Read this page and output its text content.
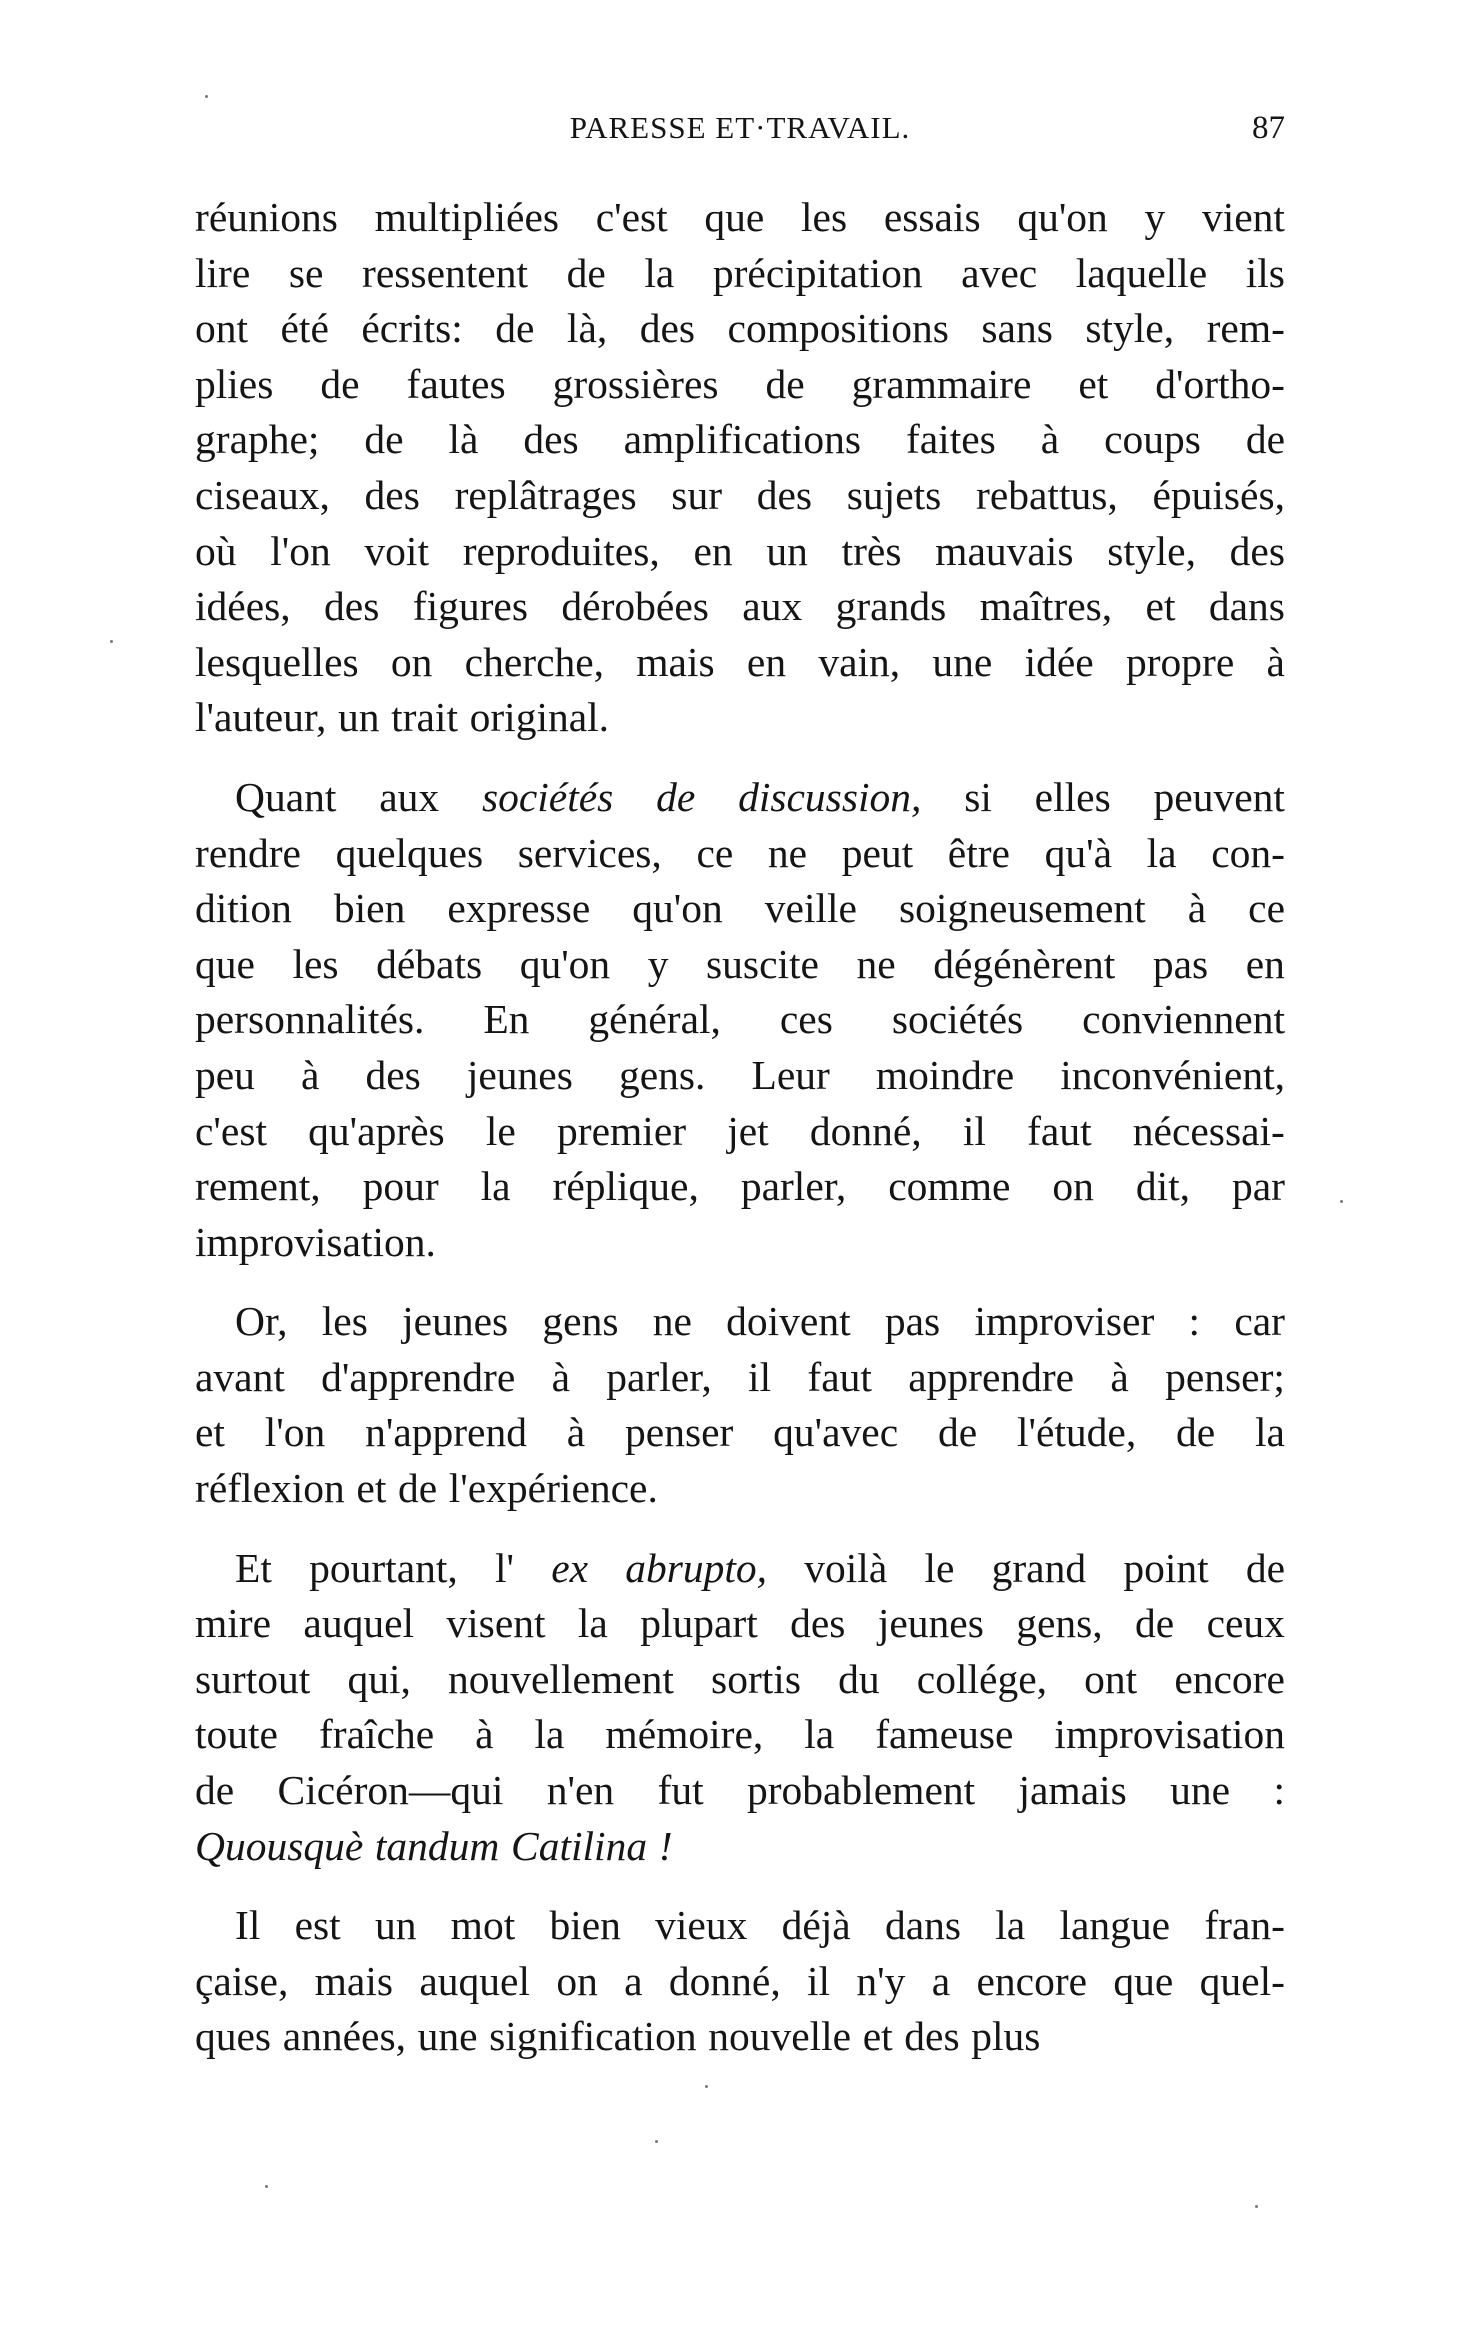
PARESSE ET·TRAVAIL.	87
réunions multipliées c'est que les essais qu'on y vient
lire se ressentent de la précipitation avec laquelle ils
ont été écrits: de là, des compositions sans style, rem-
plies de fautes grossières de grammaire et d'ortho-
graphe; de là des amplifications faites à coups de
ciseaux, des replâtrages sur des sujets rebattus, épuisés,
où l'on voit reproduites, en un très mauvais style, des
idées, des figures dérobées aux grands maîtres, et dans
lesquelles on cherche, mais en vain, une idée propre à
l'auteur, un trait original.
Quant aux sociétés de discussion, si elles peuvent
rendre quelques services, ce ne peut être qu'à la con-
dition bien expresse qu'on veille soigneusement à ce
que les débats qu'on y suscite ne dégénèrent pas en
personnalités. En général, ces sociétés conviennent
peu à des jeunes gens. Leur moindre inconvénient,
c'est qu'après le premier jet donné, il faut nécessai-
rement, pour la réplique, parler, comme on dit, par
improvisation.
Or, les jeunes gens ne doivent pas improviser : car
avant d'apprendre à parler, il faut apprendre à penser;
et l'on n'apprend à penser qu'avec de l'étude, de la
réflexion et de l'expérience.
Et pourtant, l' ex abrupto, voilà le grand point de
mire auquel visent la plupart des jeunes gens, de ceux
surtout qui, nouvellement sortis du collége, ont encore
toute fraîche à la mémoire, la fameuse improvisation
de Cicéron—qui n'en fut probablement jamais une :
Quousquè tandum Catilina !
Il est un mot bien vieux déjà dans la langue fran-
çaise, mais auquel on a donné, il n'y a encore que quel-
ques années, une signification nouvelle et des plus
